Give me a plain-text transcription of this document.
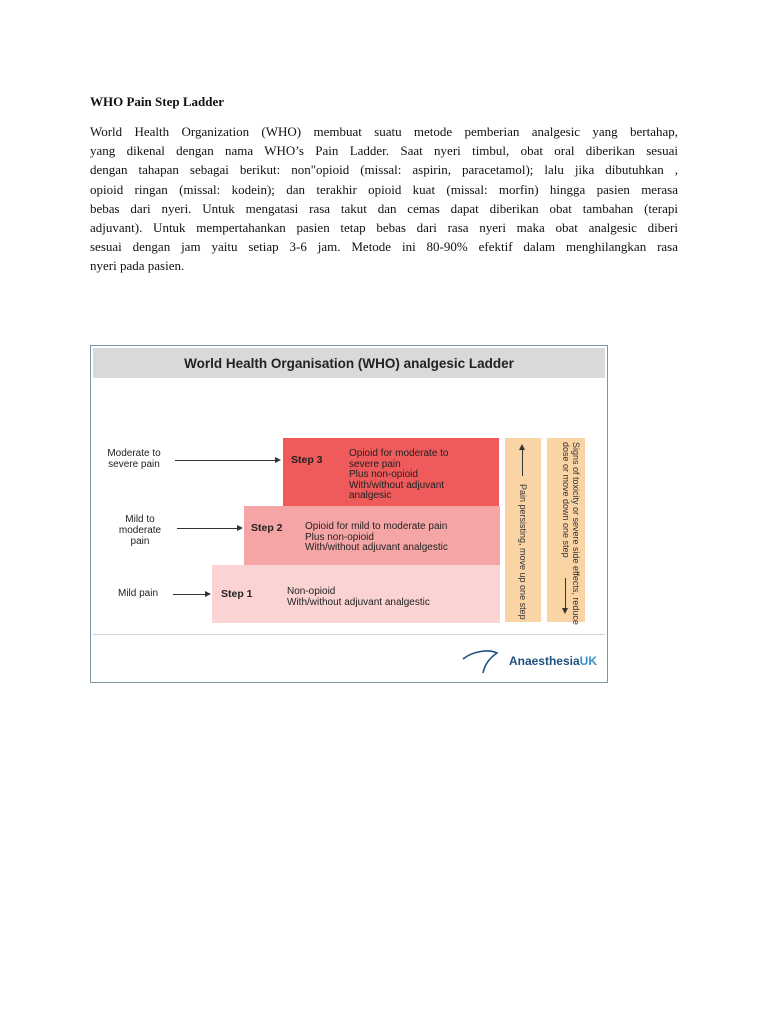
WHO Pain Step Ladder
World Health Organization (WHO) membuat suatu metode pemberian analgesic yang bertahap,
yang dikenal dengan nama WHO’s Pain Ladder. Saat nyeri timbul, obat oral diberikan sesuai
dengan tahapan sebagai berikut: non"opioid (missal: aspirin, paracetamol); lalu jika dibutuhkan ,
opioid ringan (missal: kodein); dan terakhir opioid kuat (missal: morfin) hingga pasien merasa
bebas dari nyeri. Untuk mengatasi rasa takut dan cemas dapat diberikan obat tambahan (terapi
adjuvant). Untuk mempertahankan pasien tetap bebas dari rasa nyeri maka obat analgesic diberi
sesuai dengan jam yaitu setiap 3-6 jam. Metode ini 80-90% efektif dalam menghilangkan rasa
nyeri pada pasien.
World Health Organisation (WHO) analgesic Ladder
Moderate to
severe pain	Step 3
Opioid for moderate to
severe pain
Plus non-opioid
With/without adjuvant
analgesic
Mild to
moderate
pain
Step 2 Opioid for mild to moderate pain
Plus non-opioid
With/without adjuvant analgestic
Mild pain	Step 1	Non-opioid
With/without adjuvant analgestic	Pain persisting, move up one step	Signs of toxicity or severe side effects, reduce
dose or move down one step
AnaesthesiaUK
